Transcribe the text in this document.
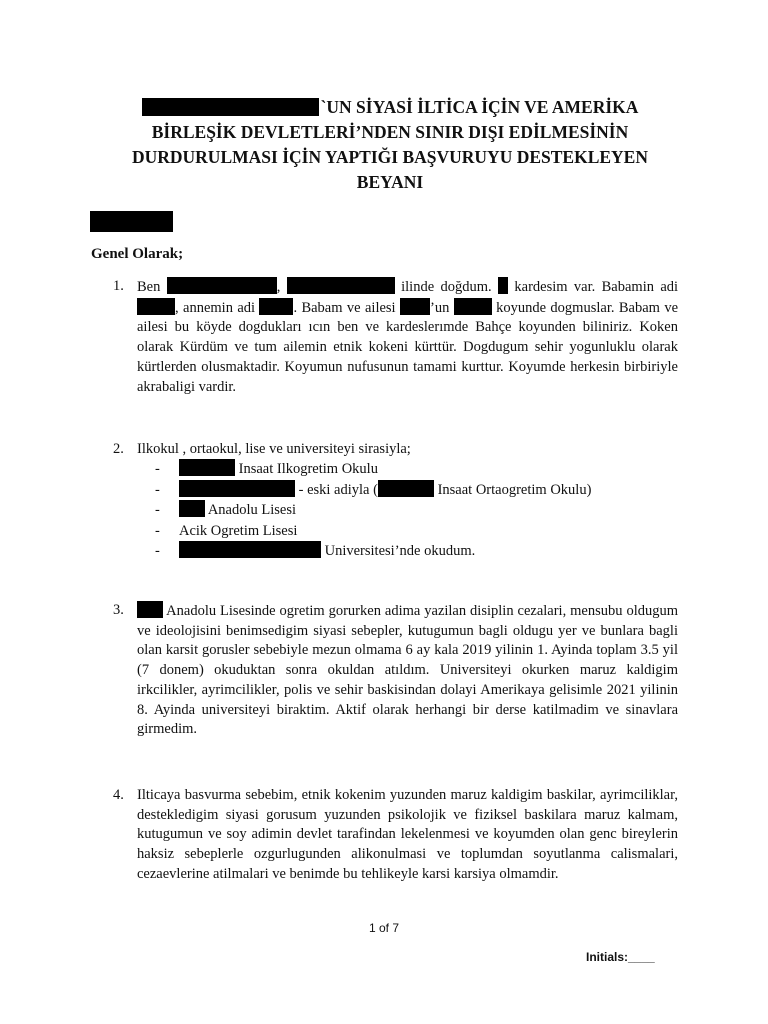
`UN SİYASİ İLTİCA İÇİN VE AMERİKA
BİRLEŞİK DEVLETLERİ’NDEN SINIR DIŞI EDİLMESİNİN
DURDURULMASI İÇİN YAPTIĞI BAŞVURUYU DESTEKLEYEN
BEYANI
Genel Olarak;
1. Ben	,	ilinde doğdum. kardesim var. Babamin adi , annemin adi	. Babam ve ailesi ’un	koyunde dogmuslar. Babam ve ailesi bu köyde dogdukları ıcın ben ve kardeslerımde Bahçe koyunden biliniriz. Koken olarak Kürdüm ve tum ailemin etnik kokeni kürttür. Dogdugum sehir yogunluklu olarak kürtlerden olusmaktadir. Koyumun nufusunun tamami kurttur. Koyumde herkesin birbiriyle akrabaligi vardir.
2. Ilkokul , ortaokul, lise ve universiteyi sirasiyla;
-	Insaat Ilkogretim Okulu
-	- eski adiyla (	Insaat Ortaogretim Okulu)
-	Anadolu Lisesi
- Acik Ogretim Lisesi
-	Universitesi’nde okudum.
3.	Anadolu Lisesinde ogretim gorurken adima yazilan disiplin cezalari, mensubu oldugum ve ideolojisini benimsedigim siyasi sebepler, kutugumun bagli oldugu yer ve bunlara bagli olan karsit gorusler sebebiyle mezun olmama 6 ay kala 2019 yilinin 1. Ayinda toplam 3.5 yil (7 donem) okuduktan sonra okuldan atıldım. Universiteyi okurken maruz kaldigim irkcilikler, ayrimcilikler, polis ve sehir baskisindan dolayi Amerikaya gelisimle 2021 yilinin 8. Ayinda universiteyi biraktim. Aktif olarak herhangi bir derse katilmadim ve sinavlara girmedim.
4. Ilticaya basvurma sebebim, etnik kokenim yuzunden maruz kaldigim baskilar, ayrimciliklar, destekledigim siyasi gorusum yuzunden psikolojik ve fiziksel baskilara maruz kalmam, kutugumun ve soy adimin devlet tarafindan lekelenmesi ve koyumden olan genc bireylerin haksiz sebeplerle ozgurlugunden alikonulmasi ve toplumdan soyutlanma calismalari, cezaevlerine atilmalari ve benimde bu tehlikeyle karsi karsiya olmamdir.
1 of 7
Initials:____
